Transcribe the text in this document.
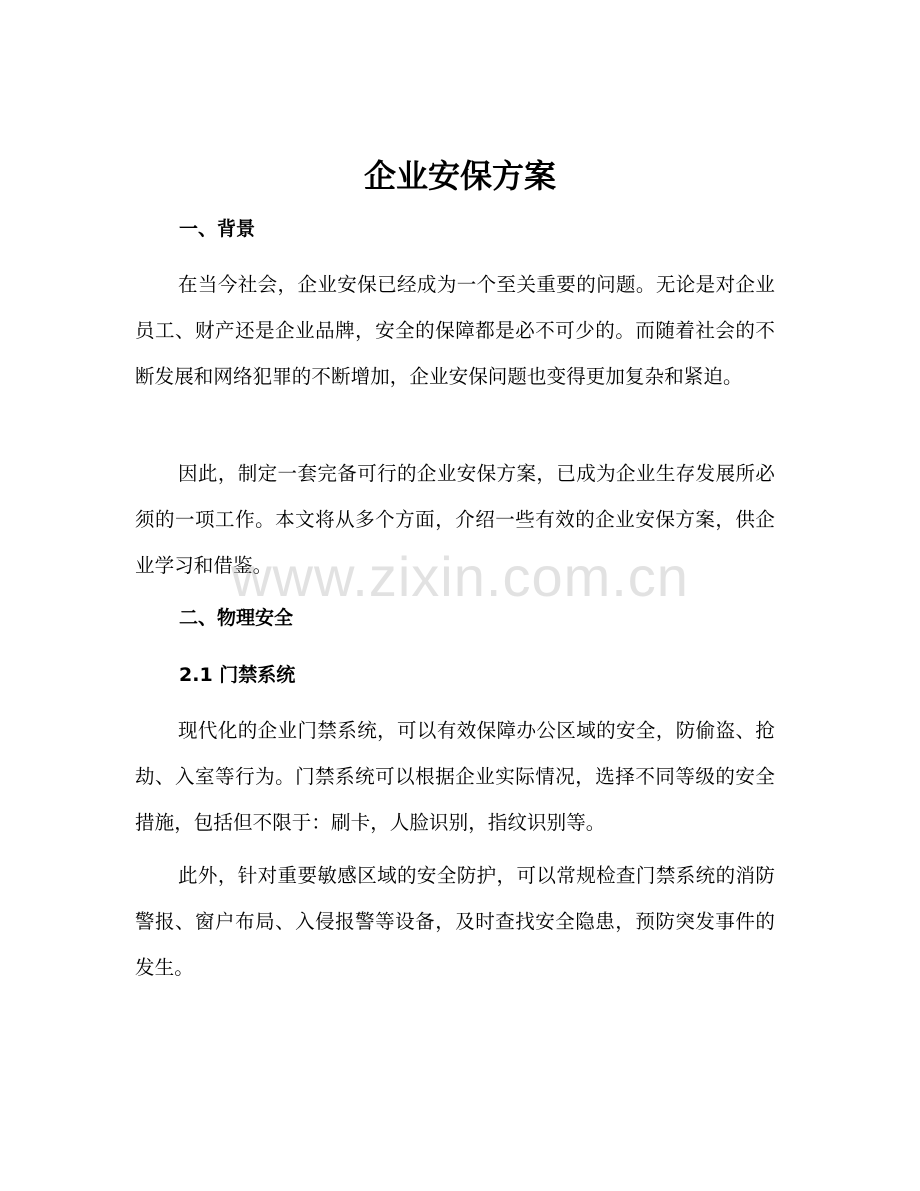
企业安保方案
一、背景
在当今社会，企业安保已经成为一个至关重要的问题。无论是对企业员工、财产还是企业品牌，安全的保障都是必不可少的。而随着社会的不断发展和网络犯罪的不断增加，企业安保问题也变得更加复杂和紧迫。
因此，制定一套完备可行的企业安保方案，已成为企业生存发展所必须的一项工作。本文将从多个方面，介绍一些有效的企业安保方案，供企业学习和借鉴。
二、物理安全
2.1 门禁系统
现代化的企业门禁系统，可以有效保障办公区域的安全，防偷盗、抢劫、入室等行为。门禁系统可以根据企业实际情况，选择不同等级的安全措施，包括但不限于：刷卡，人脸识别，指纹识别等。
此外，针对重要敏感区域的安全防护，可以常规检查门禁系统的消防警报、窗户布局、入侵报警等设备，及时查找安全隐患，预防突发事件的发生。
www.zixin.com.cn
